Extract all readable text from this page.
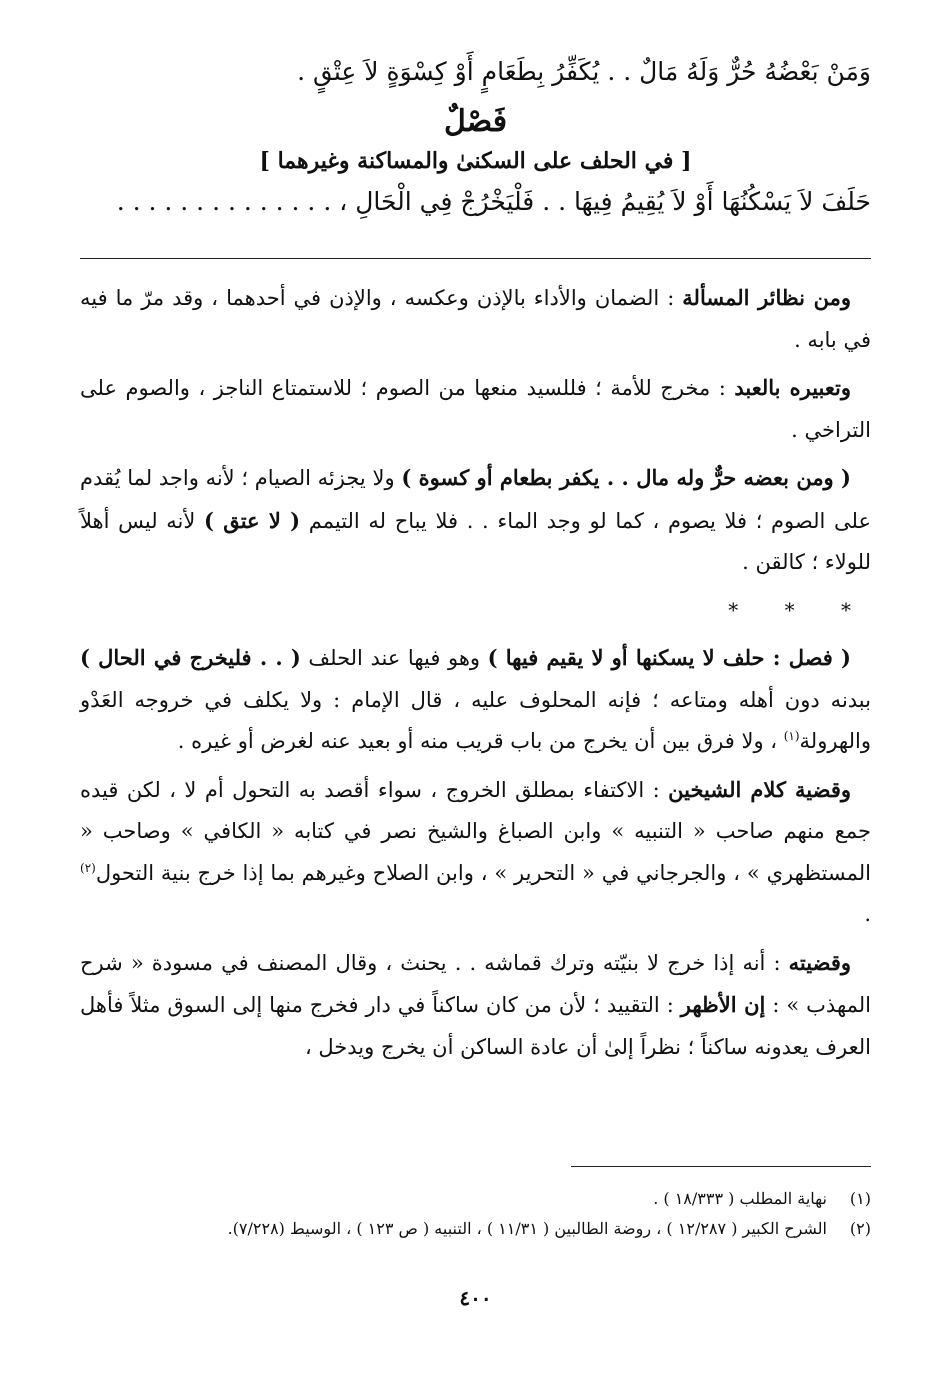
وَمَنْ بَعْضُهُ حُرٌّ وَلَهُ مَالٌ . . يُكَفِّرُ بِطَعَامٍ أَوْ كِسْوَةٍ لاَ عِتْقٍ .
فَصْلٌ
[ في الحلف على السكنىٰ والمساكنة وغيرهما ]
حَلَفَ لاَ يَسْكُنُهَا أَوْ لاَ يُقِيمُ فِيهَا . . فَلْيَخْرُجْ فِي الْحَالِ ، . . . . . . . . . . . . . .

ومن نظائر المسألة : الضمان والأداء بالإذن وعكسه ، والإذن في أحدهما ، وقد مرّ ما فيه في بابه .

وتعبيره بالعبد : مخرج للأمة ؛ فللسيد منعها من الصوم ؛ للاستمتاع الناجز ، والصوم على التراخي .

( ومن بعضه حرٌّ وله مال . . يكفر بطعام أو كسوة ) ولا يجزئه الصيام ؛ لأنه واجد لما يُقدم على الصوم ؛ فلا يصوم ، كما لو وجد الماء . . فلا يباح له التيمم ( لا عتق ) لأنه ليس أهلاً للولاء ؛ كالقن .

* * *

( فصل : حلف لا يسكنها أو لا يقيم فيها ) وهو فيها عند الحلف ( . . فليخرج في الحال ) ببدنه دون أهله ومتاعه ؛ فإنه المحلوف عليه ، قال الإمام : ولا يكلف في خروجه العَدْو والهرولة$^{(١)}$ ، ولا فرق بين أن يخرج من باب قريب منه أو بعيد عنه لغرض أو غيره .

وقضية كلام الشيخين : الاكتفاء بمطلق الخروج ، سواء أقصد به التحول أم لا ، لكن قيده جمع منهم صاحب « التنبيه » وابن الصباغ والشيخ نصر في كتابه « الكافي » وصاحب « المستظهري » ، والجرجاني في « التحرير » ، وابن الصلاح وغيرهم بما إذا خرج بنية التحول$^{(٢)}$ .

وقضيته : أنه إذا خرج لا بنيّته وترك قماشه . . يحنث ، وقال المصنف في مسودة « شرح المهذب » : إن الأظهر : التقييد ؛ لأن من كان ساكناً في دار فخرج منها إلى السوق مثلاً فأهل العرف يعدونه ساكناً ؛ نظراً إلىٰ أن عادة الساكن أن يخرج ويدخل ،

(١)
نهاية المطلب ( ١٨/٣٣٣ ) .
(٢)
الشرح الكبير ( ١٢/٢٨٧ ) ، روضة الطالبين ( ١١/٣١ ) ، التنبيه ( ص ١٢٣ ) ، الوسيط (٧/٢٢٨).
٤٠٠
